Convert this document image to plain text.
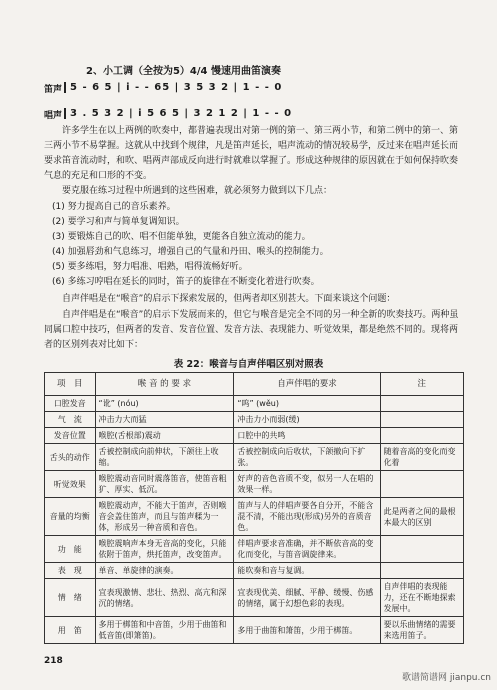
2、小工调（全按为5）4/4 慢速用曲笛演奏
笛声 5 ‑ 6 5 | i ‑ ‑ 65 | 3 5 3 2 | 1 ‑ ‑ 0
唱声 3 . 5 3 2 | i 5 6 5 | 3 2 1 2 | 1 ‑ ‑ 0

许多学生在以上两例的吹奏中，都普遍表现出对第一例的第一、第三两小节，和第二例中的第一、第三两小节不易掌握。这就从中找到个规律，凡是笛声延长，唱声流动的情况较易学，反过来在唱声延长而要求笛音流动时，和吹、唱两声部成反向进行时就难以掌握了。形成这种规律的原因就在于如何保持吹奏气息的充足和口形的不变。

要克服在练习过程中所遇到的这些困难，就必须努力做到以下几点：

(1) 努力提高自己的音乐素养。
(2) 要学习和声与简单复调知识。
(3) 要锻炼自己的吹、唱不但能单独，更能各自独立流动的能力。
(4) 加强唇劲和气息练习，增强自己的气量和丹田、喉头的控制能力。
(5) 要多练唱，努力唱准、唱熟，唱得流畅好听。
(6) 多练习哼唱在延长的同时，笛子的旋律在不断变化着进行吹奏。

自声伴唱是在“喉音”的启示下探索发展的，但两者却区别甚大。下面来谈这个问题：

自声伴唱是在“喉音”的启示下发展而来的，但它与喉音是完全不同的另一种全新的吹奏技巧。两种虽同属口腔中技巧，但两者的发音、发音位置、发音方法、表现能力、听觉效果，都是绝然不同的。现将两者的区别列表对比如下：

表 22：喉音与自声伴唱区别对照表
项　目	喉 音 的 要 求	自声伴唱的要求	注
口腔发音	“讹” (nóu)	“呜” (wěu)	
气　流	冲击力大而猛	冲击力小而弱(缓)	
发音位置	喉腔(舌根部)震动	口腔中的共鸣	
舌头的动作	舌被控制成向前伸状，下颌往上收缩。	舌被控制成向后收状，下颌撤向下扩张。	随着音高的变化而变化着
听觉效果	喉腔震动音同时震落笛音，使笛音粗犷、厚实、低沉。	好声的音色音质不变，似另一人在唱的效果一样。	
音量的均衡	喉腔震动声，不能大于笛声，否则喉音会盖住笛声，而且与笛声糅为一体，形成另一种音质和音色。	笛声与人的伴唱声要各自分开，不能含混不清，不能出现(形成)另外的音质音色。	此是两者之间的最根本最大的区别
功　能	喉腔震响声本身无音高的变化，只能依附于笛声，烘托笛声，改变笛声。	伴唱声要求音准确，并不断依音高的变化而变化，与笛音调旋律来。	
表　现	单音、单旋律的演奏。	能吹奏和音与复调。	
情　绪	宜表现激情、悲壮、热烈、高亢和深沉的情绪。	宜表现优美、细腻、平静、缓慢、伤感的情绪，属于幻想色彩的表现。	自声伴唱的表现能力，还在不断地探索发展中。
用　笛	多用于梆笛和中音笛，少用于曲笛和低音笛(即箫笛)。	多用于曲笛和箫笛，少用于梆笛。	要以乐曲情绪的需要来选用笛子。
218
歌谱简谱网 jianpu.cn
